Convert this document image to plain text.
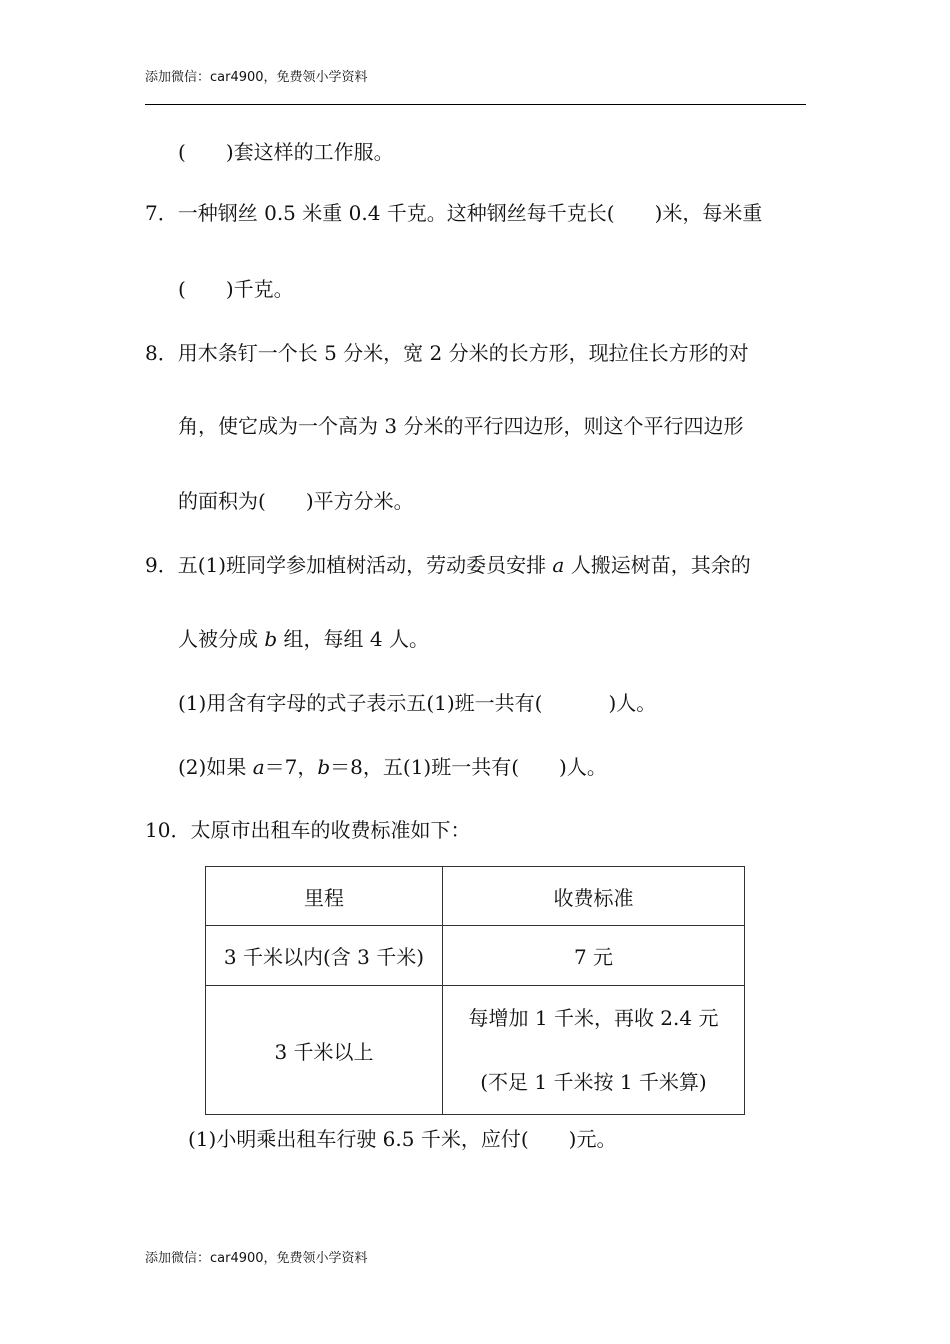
添加微信：car4900，免费领小学资料
( )套这样的工作服。
7．一种钢丝 0.5 米重 0.4 千克。这种钢丝每千克长( )米，每米重
( )千克。
8．用木条钉一个长 5 分米，宽 2 分米的长方形，现拉住长方形的对
角，使它成为一个高为 3 分米的平行四边形，则这个平行四边形
的面积为( )平方分米。
9．五(1)班同学参加植树活动，劳动委员安排 a 人搬运树苗，其余的
人被分成 b 组，每组 4 人。
(1)用含有字母的式子表示五(1)班一共有(	)人。
(2)如果 a＝7，b＝8，五(1)班一共有( )人。
10．太原市出租车的收费标准如下：
里程	收费标准
3 千米以内(含 3 千米)	7 元
3 千米以上	每增加 1 千米，再收 2.4 元
(不足 1 千米按 1 千米算)
(1)小明乘出租车行驶 6.5 千米，应付( )元。
添加微信：car4900，免费领小学资料
